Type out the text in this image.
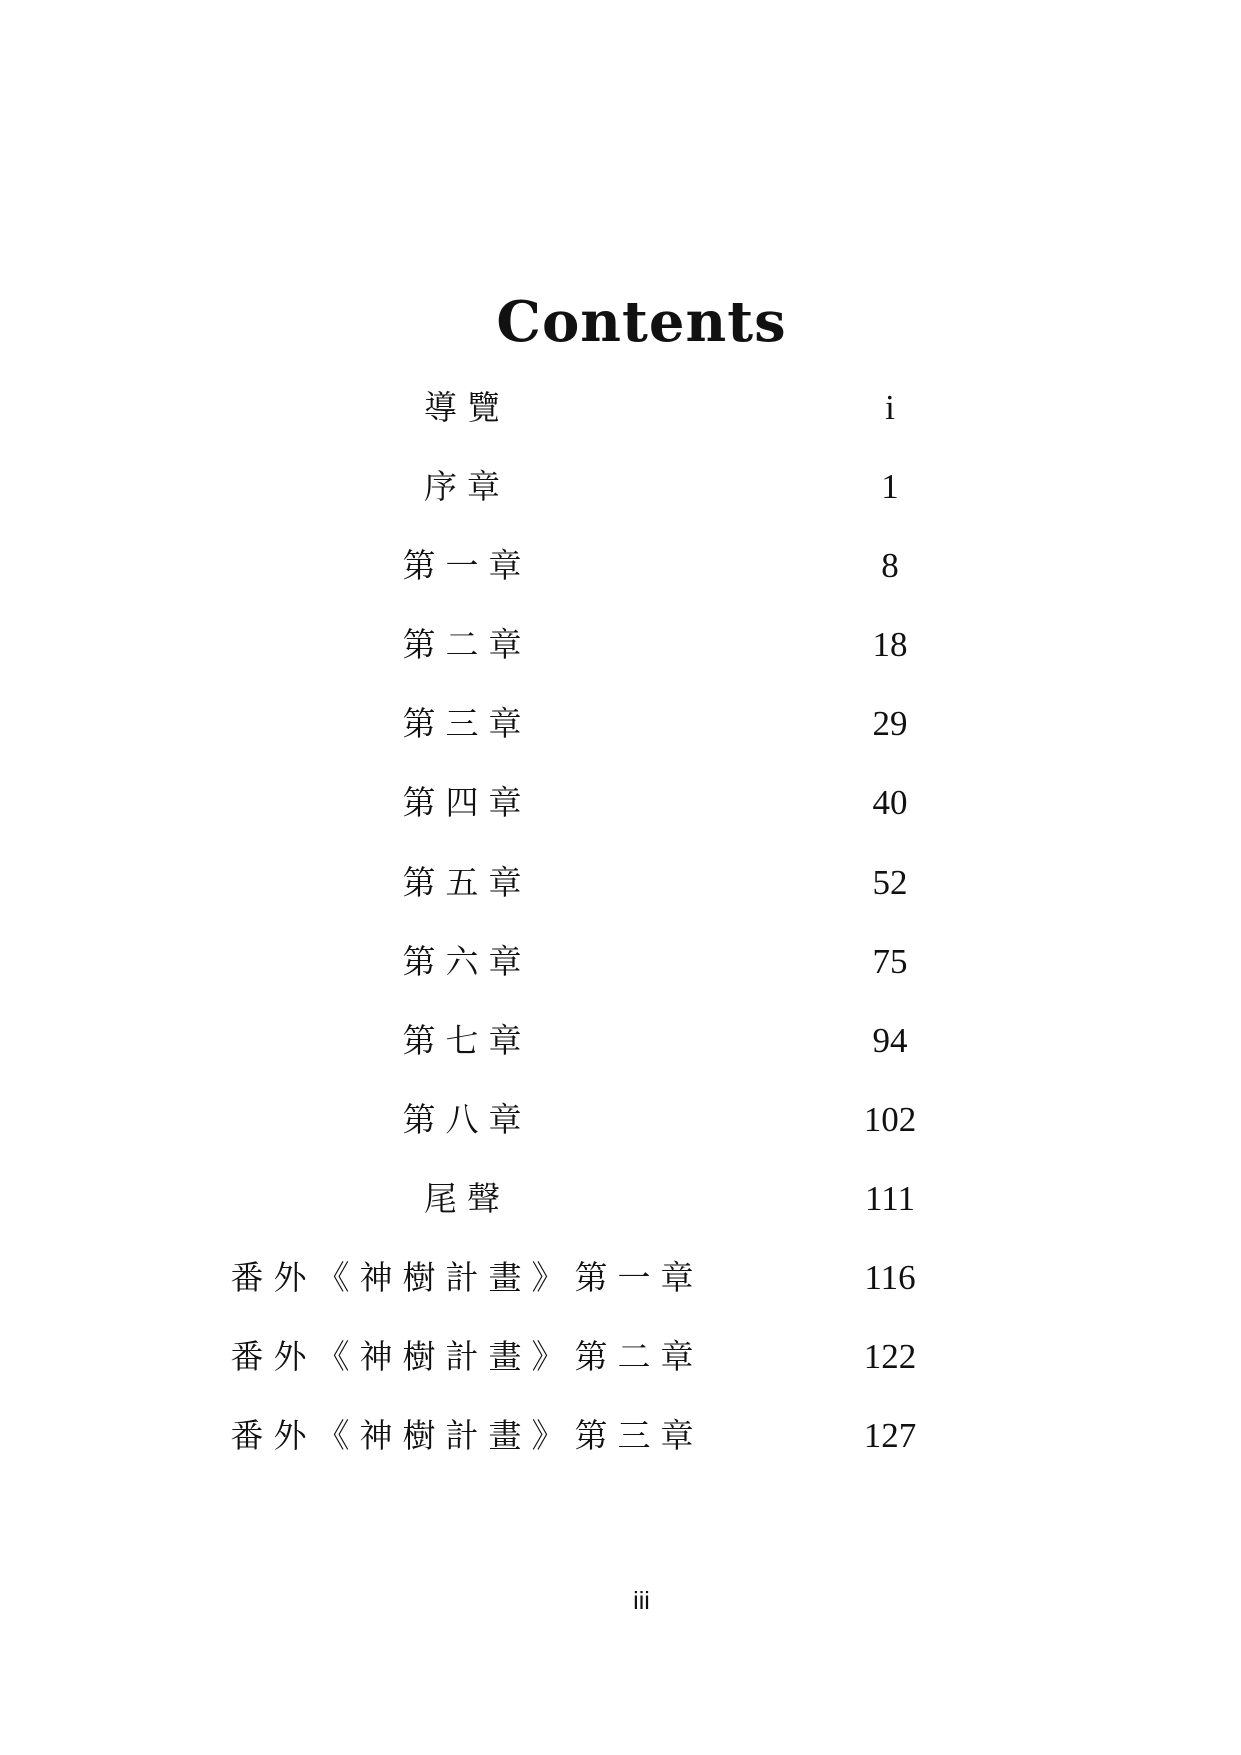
Contents
導覽	i
序章	1
第一章	8
第二章	18
第三章	29
第四章	40
第五章	52
第六章	75
第七章	94
第八章	102
尾聲	111
番外《神樹計畫》第一章	116
番外《神樹計畫》第二章	122
番外《神樹計畫》第三章	127
iii
